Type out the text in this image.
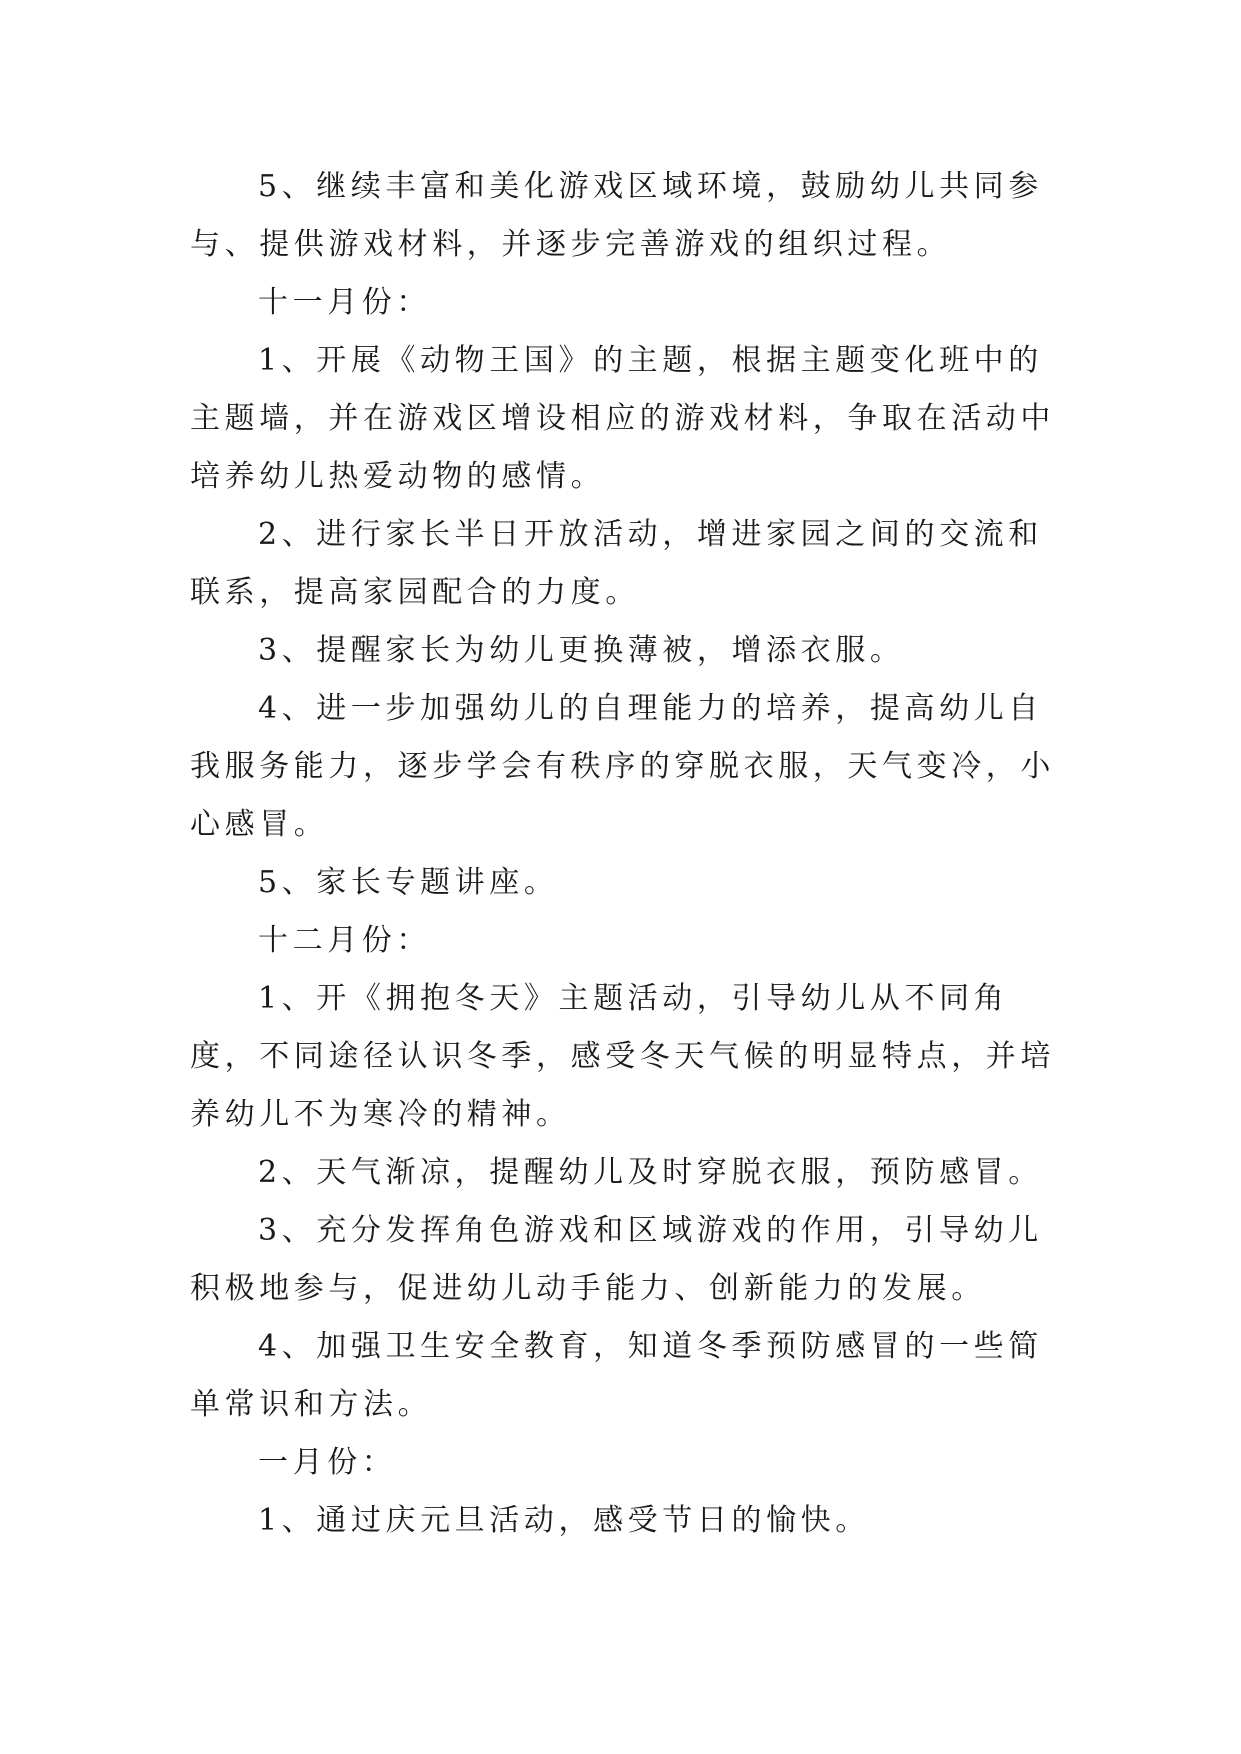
5、继续丰富和美化游戏区域环境，鼓励幼儿共同参与、提供游戏材料，并逐步完善游戏的组织过程。

十一月份：

1、开展《动物王国》的主题，根据主题变化班中的主题墙，并在游戏区增设相应的游戏材料，争取在活动中培养幼儿热爱动物的感情。

2、进行家长半日开放活动，增进家园之间的交流和联系，提高家园配合的力度。

3、提醒家长为幼儿更换薄被，增添衣服。

4、进一步加强幼儿的自理能力的培养，提高幼儿自我服务能力，逐步学会有秩序的穿脱衣服，天气变冷，小心感冒。

5、家长专题讲座。

十二月份：

1、开《拥抱冬天》主题活动，引导幼儿从不同角度，不同途径认识冬季，感受冬天气候的明显特点，并培养幼儿不为寒冷的精神。

2、天气渐凉，提醒幼儿及时穿脱衣服，预防感冒。

3、充分发挥角色游戏和区域游戏的作用，引导幼儿积极地参与，促进幼儿动手能力、创新能力的发展。

4、加强卫生安全教育，知道冬季预防感冒的一些简单常识和方法。

一月份：

1、通过庆元旦活动，感受节日的愉快。
